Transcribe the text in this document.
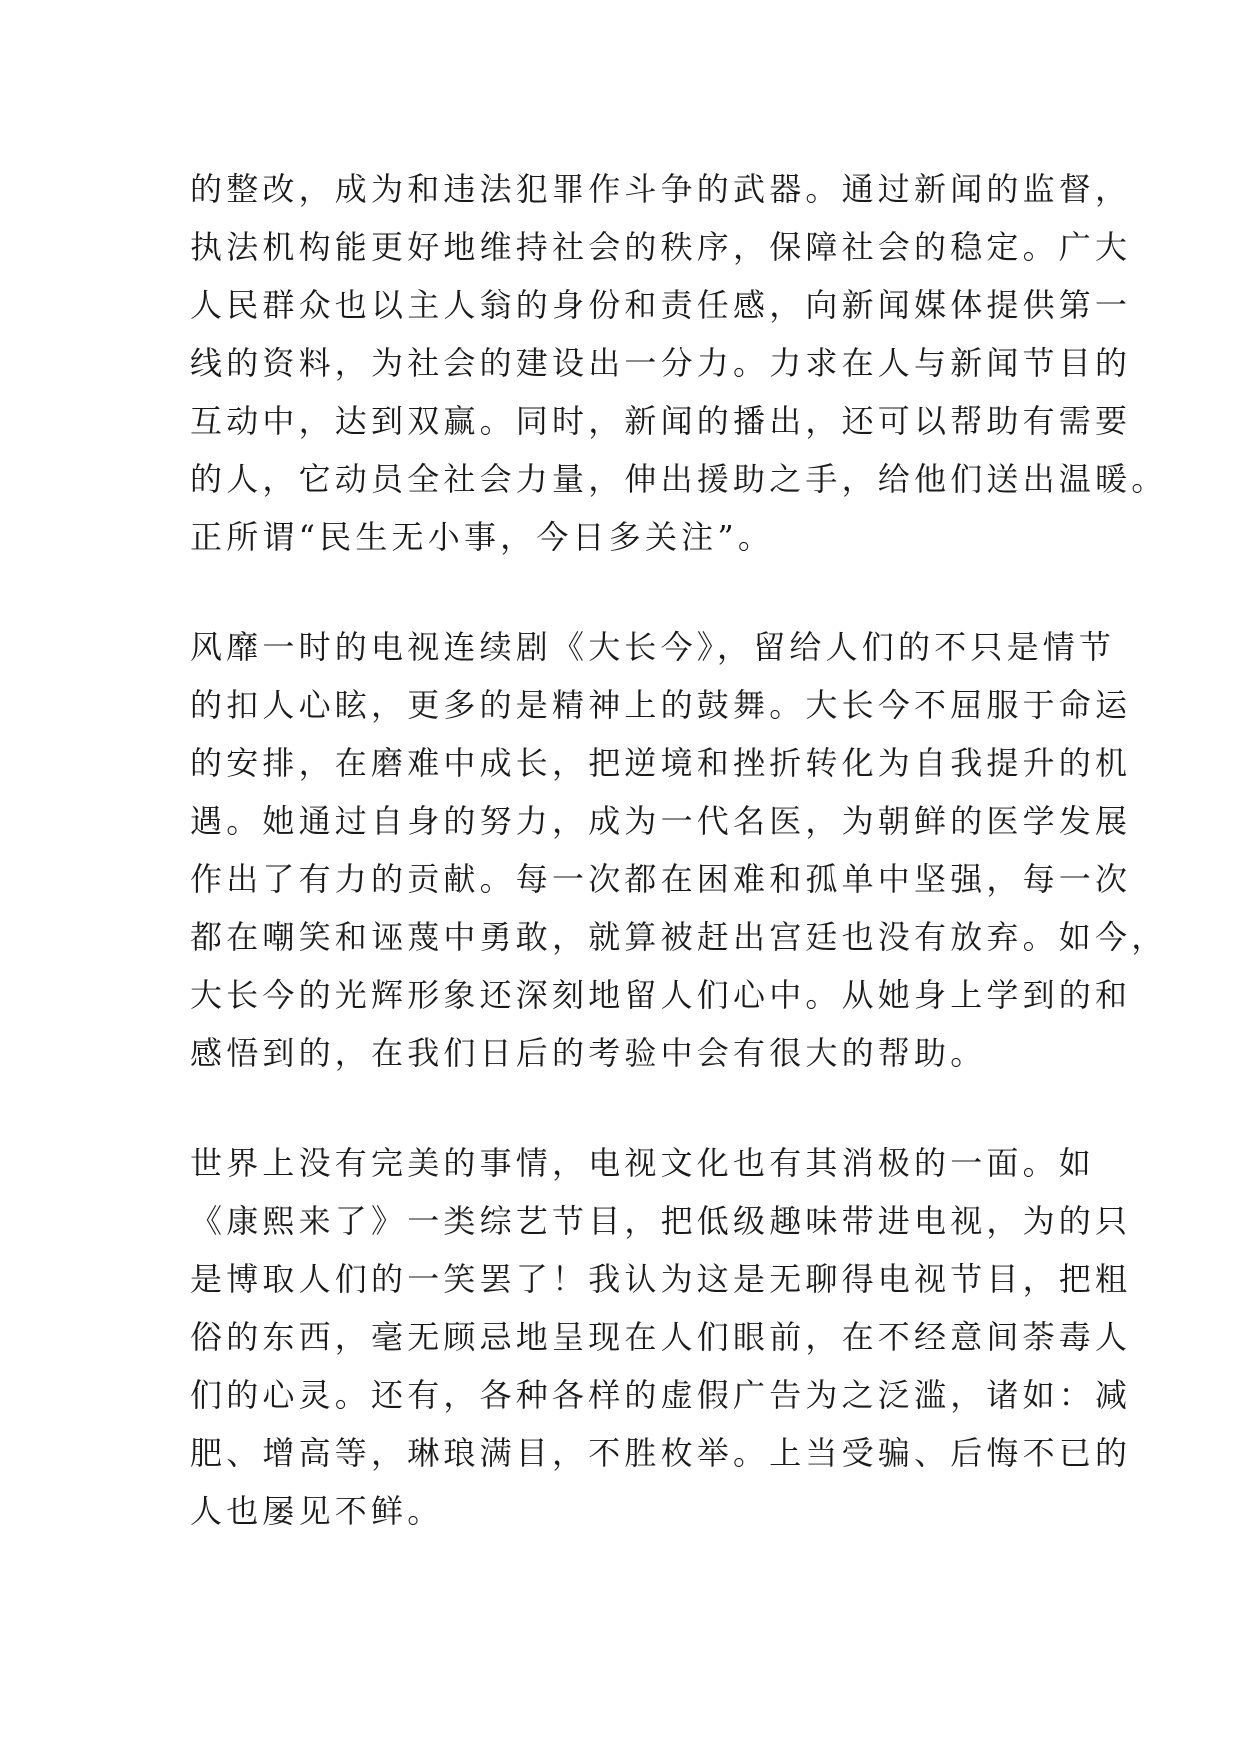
的整改，成为和违法犯罪作斗争的武器。通过新闻的监督，
执法机构能更好地维持社会的秩序，保障社会的稳定。广大
人民群众也以主人翁的身份和责任感，向新闻媒体提供第一
线的资料，为社会的建设出一分力。力求在人与新闻节目的
互动中，达到双赢。同时，新闻的播出，还可以帮助有需要
的人，它动员全社会力量，伸出援助之手，给他们送出温暖。
正所谓“民生无小事，今日多关注”。
风靡一时的电视连续剧《大长今》，留给人们的不只是情节
的扣人心眩，更多的是精神上的鼓舞。大长今不屈服于命运
的安排，在磨难中成长，把逆境和挫折转化为自我提升的机
遇。她通过自身的努力，成为一代名医，为朝鲜的医学发展
作出了有力的贡献。每一次都在困难和孤单中坚强，每一次
都在嘲笑和诬蔑中勇敢，就算被赶出宫廷也没有放弃。如今，
大长今的光辉形象还深刻地留人们心中。从她身上学到的和
感悟到的，在我们日后的考验中会有很大的帮助。
世界上没有完美的事情，电视文化也有其消极的一面。如
《康熙来了》一类综艺节目，把低级趣味带进电视，为的只
是博取人们的一笑罢了！我认为这是无聊得电视节目，把粗
俗的东西，毫无顾忌地呈现在人们眼前，在不经意间荼毒人
们的心灵。还有，各种各样的虚假广告为之泛滥，诸如：减
肥、增高等，琳琅满目，不胜枚举。上当受骗、后悔不已的
人也屡见不鲜。
